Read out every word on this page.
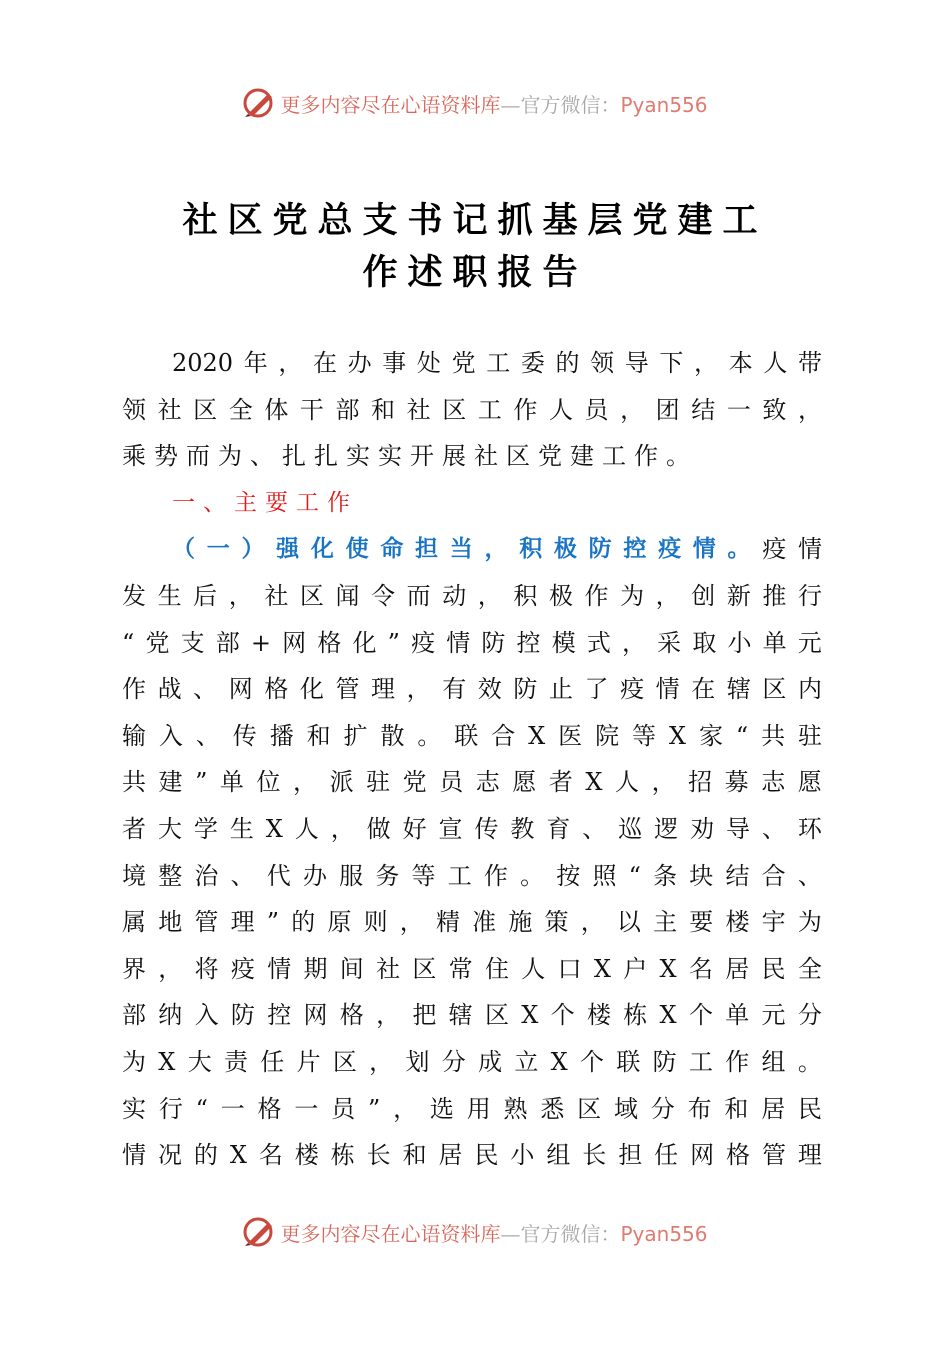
更多内容尽在心语资料库—官方微信：Pyan556
社区党总支书记抓基层党建工
作述职报告
2020 年 ， 在 办 事 处 党 工 委 的 领 导 下 ， 本 人 带
领 社 区 全 体 干 部 和 社 区 工 作 人 员 ， 团 结 一 致 ，
乘 势 而 为 、 扎 扎 实 实 开 展 社 区 党 建 工 作 。
一 、 主 要 工 作
（ 一 ） 强 化 使 命 担 当 ， 积 极 防 控 疫 情 。 疫 情
发 生 后 ， 社 区 闻 令 而 动 ， 积 极 作 为 ， 创 新 推 行
“ 党 支 部 + 网 格 化 ” 疫 情 防 控 模 式 ， 采 取 小 单 元
作 战 、 网 格 化 管 理 ， 有 效 防 止 了 疫 情 在 辖 区 内
输 入 、 传 播 和 扩 散 。 联 合 X 医 院 等 X 家 “ 共 驻
共 建 ” 单 位 ， 派 驻 党 员 志 愿 者 X 人 ， 招 募 志 愿
者 大 学 生 X 人 ， 做 好 宣 传 教 育 、 巡 逻 劝 导 、 环
境 整 治 、 代 办 服 务 等 工 作 。 按 照 “ 条 块 结 合 、
属 地 管 理 ” 的 原 则 ， 精 准 施 策 ， 以 主 要 楼 宇 为
界 ， 将 疫 情 期 间 社 区 常 住 人 口 X 户 X 名 居 民 全
部 纳 入 防 控 网 格 ， 把 辖 区 X 个 楼 栋 X 个 单 元 分
为 X 大 责 任 片 区 ， 划 分 成 立 X 个 联 防 工 作 组 。
实 行 “ 一 格 一 员 ” ， 选 用 熟 悉 区 域 分 布 和 居 民
情 况 的 X 名 楼 栋 长 和 居 民 小 组 长 担 任 网 格 管 理
更多内容尽在心语资料库—官方微信：Pyan556
